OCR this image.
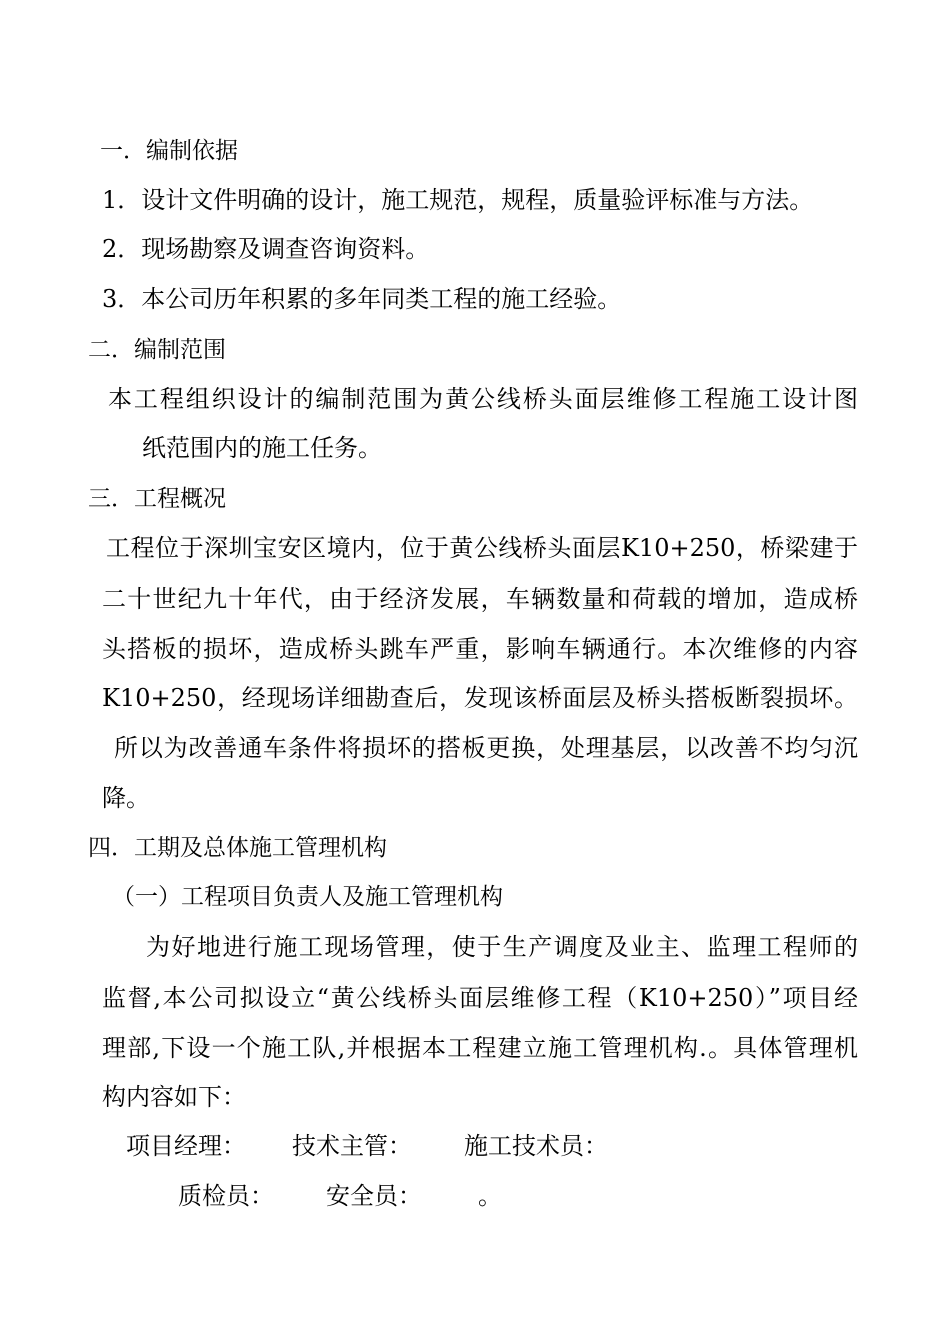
一．编制依据
1．设计文件明确的设计，施工规范，规程，质量验评标准与方法。
2．现场勘察及调查咨询资料。
3．本公司历年积累的多年同类工程的施工经验。
二．编制范围
本工程组织设计的编制范围为黄公线桥头面层维修工程施工设计图
纸范围内的施工任务。
三．工程概况
工程位于深圳宝安区境内，位于黄公线桥头面层K10+250，桥梁建于
二十世纪九十年代，由于经济发展，车辆数量和荷载的增加，造成桥
头搭板的损坏，造成桥头跳车严重，影响车辆通行。本次维修的内容
K10+250，经现场详细勘查后，发现该桥面层及桥头搭板断裂损坏。
所以为改善通车条件将损坏的搭板更换，处理基层，以改善不均匀沉
降。
四．工期及总体施工管理机构
（一）工程项目负责人及施工管理机构
为好地进行施工现场管理，使于生产调度及业主、监理工程师的
监督,本公司拟设立“黄公线桥头面层维修工程（K10+250）”项目经
理部,下设一个施工队,并根据本工程建立施工管理机构.。具体管理机
构内容如下：
项目经理： 技术主管： 施工技术员：
质检员： 安全员： 。
